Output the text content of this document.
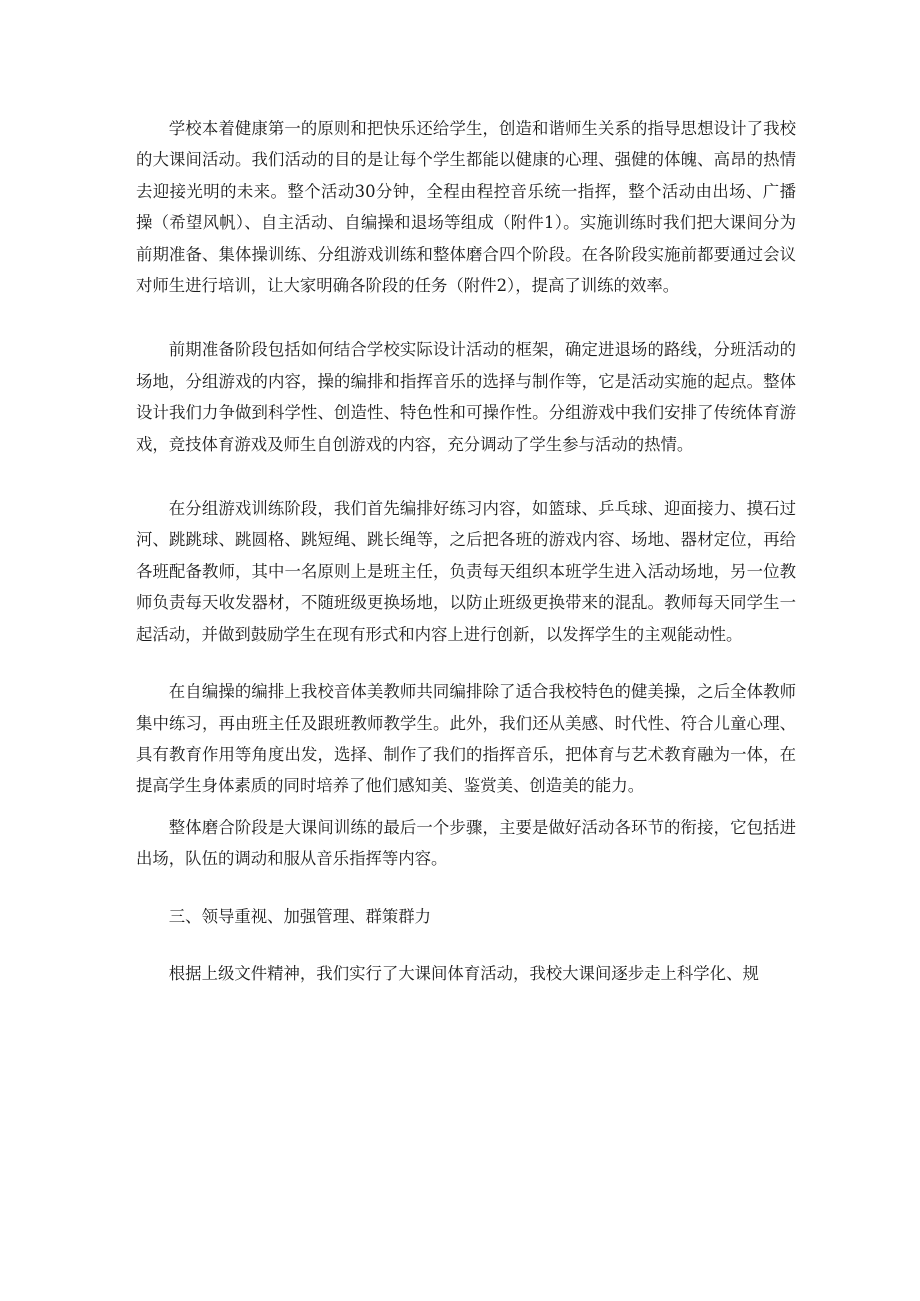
学校本着健康第一的原则和把快乐还给学生，创造和谐师生关系的指导思想设计了我校的大课间活动。我们活动的目的是让每个学生都能以健康的心理、强健的体魄、高昂的热情去迎接光明的未来。整个活动30分钟，全程由程控音乐统一指挥，整个活动由出场、广播操（希望风帆）、自主活动、自编操和退场等组成（附件1）。实施训练时我们把大课间分为前期准备、集体操训练、分组游戏训练和整体磨合四个阶段。在各阶段实施前都要通过会议对师生进行培训，让大家明确各阶段的任务（附件2），提高了训练的效率。

前期准备阶段包括如何结合学校实际设计活动的框架，确定进退场的路线，分班活动的场地，分组游戏的内容，操的编排和指挥音乐的选择与制作等，它是活动实施的起点。整体设计我们力争做到科学性、创造性、特色性和可操作性。分组游戏中我们安排了传统体育游戏，竞技体育游戏及师生自创游戏的内容，充分调动了学生参与活动的热情。

在分组游戏训练阶段，我们首先编排好练习内容，如篮球、乒乓球、迎面接力、摸石过河、跳跳球、跳圆格、跳短绳、跳长绳等，之后把各班的游戏内容、场地、器材定位，再给各班配备教师，其中一名原则上是班主任，负责每天组织本班学生进入活动场地，另一位教师负责每天收发器材，不随班级更换场地，以防止班级更换带来的混乱。教师每天同学生一起活动，并做到鼓励学生在现有形式和内容上进行创新，以发挥学生的主观能动性。

在自编操的编排上我校音体美教师共同编排除了适合我校特色的健美操，之后全体教师集中练习，再由班主任及跟班教师教学生。此外，我们还从美感、时代性、符合儿童心理、具有教育作用等角度出发，选择、制作了我们的指挥音乐，把体育与艺术教育融为一体，在提高学生身体素质的同时培养了他们感知美、鉴赏美、创造美的能力。

整体磨合阶段是大课间训练的最后一个步骤，主要是做好活动各环节的衔接，它包括进出场，队伍的调动和服从音乐指挥等内容。

三、领导重视、加强管理、群策群力

根据上级文件精神，我们实行了大课间体育活动，我校大课间逐步走上科学化、规
